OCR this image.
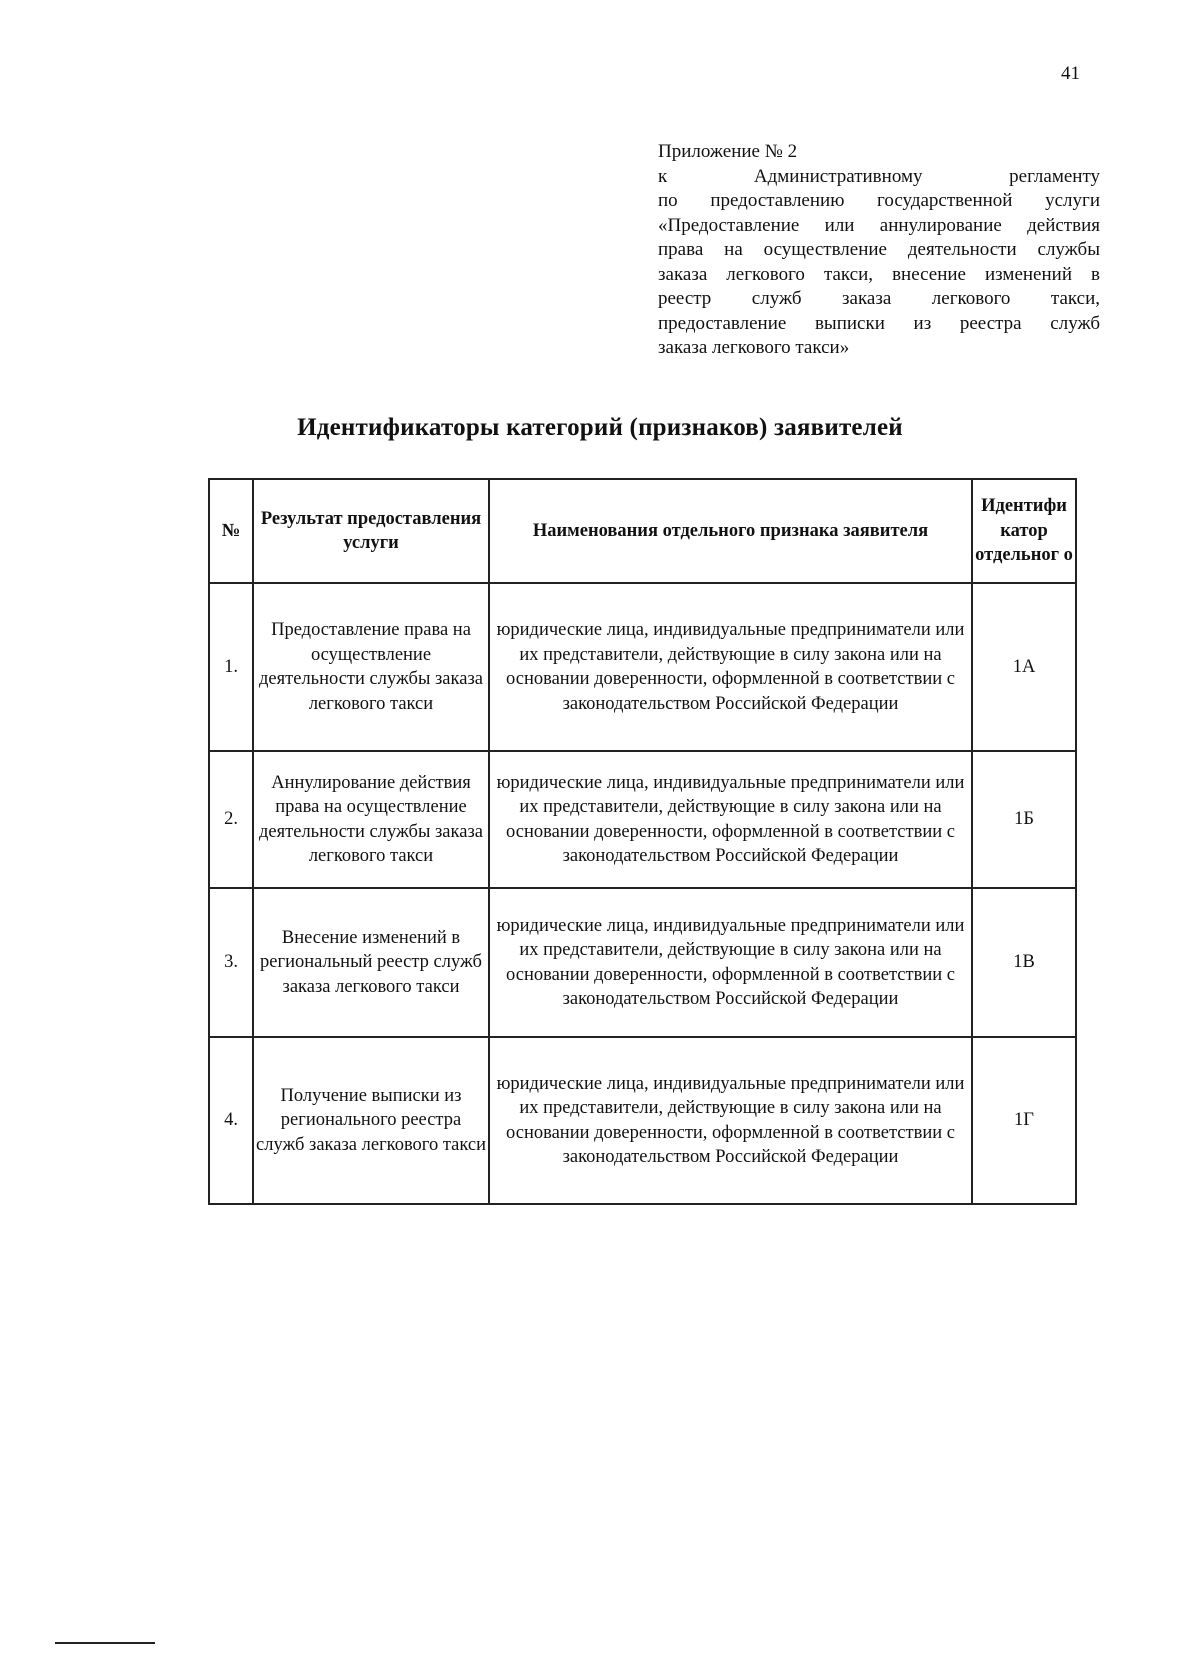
41
Приложение № 2
к Административному регламенту
по предоставлению государственной услуги
«Предоставление или аннулирование действия
права на осуществление деятельности службы
заказа легкового такси, внесение изменений в
реестр служб заказа легкового такси,
предоставление выписки из реестра служб
заказа легкового такси»
Идентификаторы категорий (признаков) заявителей
№	Результат предоставления услуги	Наименования отдельного признака заявителя	Идентифи катор отдельног о
1.	Предоставление права на осуществление деятельности службы заказа легкового такси	юридические лица, индивидуальные предприниматели или их представители, действующие в силу закона или на основании доверенности, оформленной в соответствии с законодательством Российской Федерации	1А
2.	Аннулирование действия права на осуществление деятельности службы заказа легкового такси	юридические лица, индивидуальные предприниматели или их представители, действующие в силу закона или на основании доверенности, оформленной в соответствии с законодательством Российской Федерации	1Б
3.	Внесение изменений в региональный реестр служб заказа легкового такси	юридические лица, индивидуальные предприниматели или их представители, действующие в силу закона или на основании доверенности, оформленной в соответствии с законодательством Российской Федерации	1В
4.	Получение выписки из регионального реестра служб заказа легкового такси	юридические лица, индивидуальные предприниматели или их представители, действующие в силу закона или на основании доверенности, оформленной в соответствии с законодательством Российской Федерации	1Г
